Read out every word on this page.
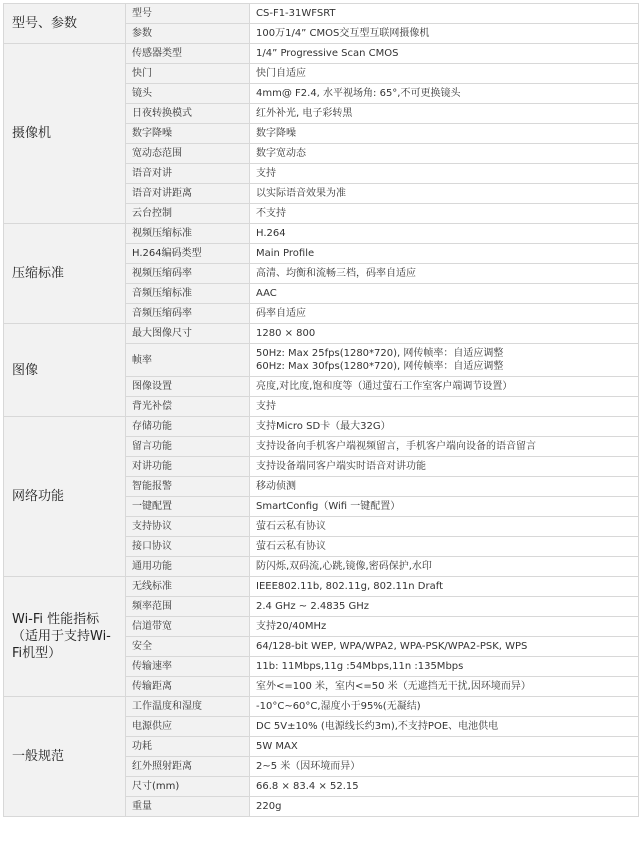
型号、参数	型号	CS-F1-31WFSRT
	参数	100万1/4” CMOS交互型互联网摄像机
摄像机	传感器类型	1/4” Progressive Scan CMOS
	快门	快门自适应
	镜头	4mm@ F2.4, 水平视场角: 65°,不可更换镜头
	日夜转换模式	红外补光, 电子彩转黑
	数字降噪	数字降噪
	宽动态范围	数字宽动态
	语音对讲	支持
	语音对讲距离	以实际语音效果为准
	云台控制	不支持
压缩标准	视频压缩标准	H.264
	H.264编码类型	Main Profile
	视频压缩码率	高清、均衡和流畅三档，码率自适应
	音频压缩标准	AAC
	音频压缩码率	码率自适应
图像	最大图像尺寸	1280 × 800
	帧率	50Hz: Max 25fps(1280*720), 网传帧率：自适应调整
60Hz: Max 30fps(1280*720), 网传帧率：自适应调整

	图像设置	亮度,对比度,饱和度等（通过萤石工作室客户端调节设置）
	背光补偿	支持
网络功能	存储功能	支持Micro SD卡（最大32G）
	留言功能	支持设备向手机客户端视频留言，手机客户端向设备的语音留言
	对讲功能	支持设备端同客户端实时语音对讲功能
	智能报警	移动侦测
	一键配置	SmartConfig（Wifi 一键配置）
	支持协议	萤石云私有协议
	接口协议	萤石云私有协议
	通用功能	防闪烁,双码流,心跳,镜像,密码保护,水印
Wi-Fi 性能指标（适用于支持Wi-Fi机型）	无线标准	IEEE802.11b, 802.11g, 802.11n Draft
	频率范围	2.4 GHz ~ 2.4835 GHz
	信道带宽	支持20/40MHz
	安全	64/128-bit WEP, WPA/WPA2, WPA-PSK/WPA2-PSK, WPS
	传输速率	11b: 11Mbps,11g :54Mbps,11n :135Mbps
	传输距离	室外<=100 米，室内<=50 米（无遮挡无干扰,因环境而异）
一般规范	工作温度和湿度	-10°C~60°C,湿度小于95%(无凝结)
	电源供应	DC 5V±10% (电源线长约3m),不支持POE、电池供电
	功耗	5W MAX
	红外照射距离	2~5 米（因环境而异）
	尺寸(mm)	66.8 × 83.4 × 52.15
	重量	220g
